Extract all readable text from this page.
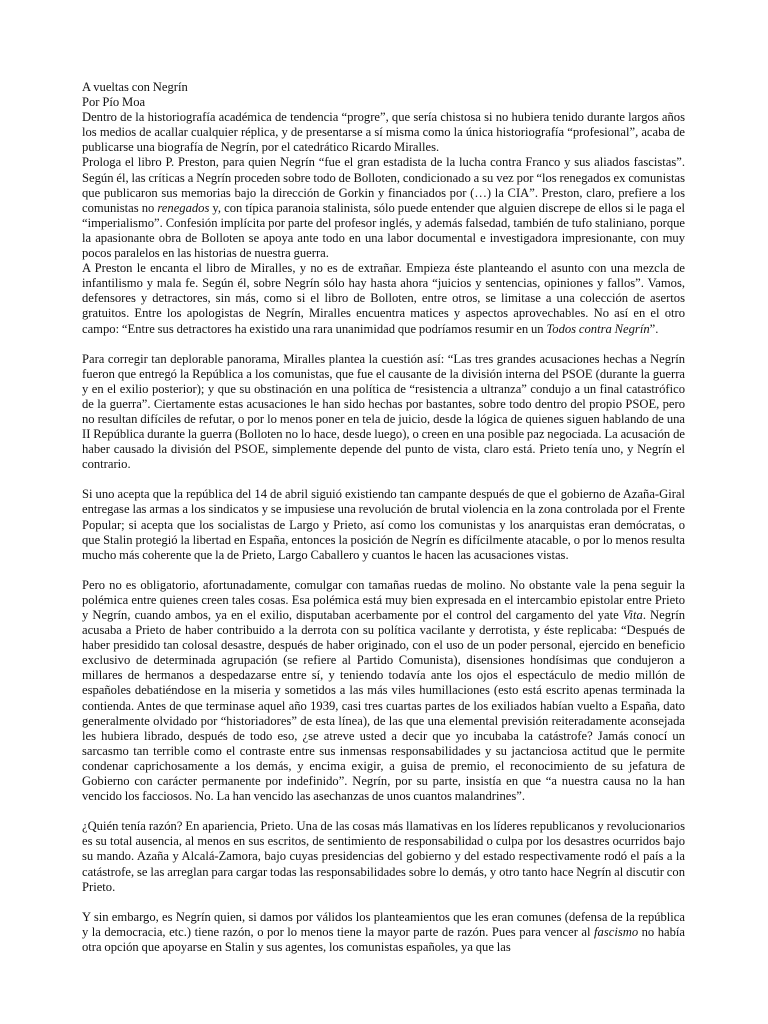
A vueltas con Negrín

Por Pío Moa

Dentro de la historiografía académica de tendencia “progre”, que sería chistosa si no hubiera tenido durante largos años los medios de acallar cualquier réplica, y de presentarse a sí misma como la única historiografía “profesional”, acaba de publicarse una biografía de Negrín, por el catedrático Ricardo Miralles.

Prologa el libro P. Preston, para quien Negrín “fue el gran estadista de la lucha contra Franco y sus aliados fascistas”. Según él, las críticas a Negrín proceden sobre todo de Bolloten, condicionado a su vez por “los renegados ex comunistas que publicaron sus memorias bajo la dirección de Gorkin y financiados por (…) la CIA”. Preston, claro, prefiere a los comunistas no renegados y, con típica paranoia stalinista, sólo puede entender que alguien discrepe de ellos si le paga el “imperialismo”. Confesión implícita por parte del profesor inglés, y además falsedad, también de tufo staliniano, porque la apasionante obra de Bolloten se apoya ante todo en una labor documental e investigadora impresionante, con muy pocos paralelos en las historias de nuestra guerra.

A Preston le encanta el libro de Miralles, y no es de extrañar. Empieza éste planteando el asunto con una mezcla de infantilismo y mala fe. Según él, sobre Negrín sólo hay hasta ahora “juicios y sentencias, opiniones y fallos”. Vamos, defensores y detractores, sin más, como si el libro de Bolloten, entre otros, se limitase a una colección de asertos gratuitos. Entre los apologistas de Negrín, Miralles encuentra matices y aspectos aprovechables. No así en el otro campo: “Entre sus detractores ha existido una rara unanimidad que podríamos resumir en un Todos contra Negrín”.

Para corregir tan deplorable panorama, Miralles plantea la cuestión así: “Las tres grandes acusaciones hechas a Negrín fueron que entregó la República a los comunistas, que fue el causante de la división interna del PSOE (durante la guerra y en el exilio posterior); y que su obstinación en una política de “resistencia a ultranza” condujo a un final catastrófico de la guerra”. Ciertamente estas acusaciones le han sido hechas por bastantes, sobre todo dentro del propio PSOE, pero no resultan difíciles de refutar, o por lo menos poner en tela de juicio, desde la lógica de quienes siguen hablando de una II República durante la guerra (Bolloten no lo hace, desde luego), o creen en una posible paz negociada. La acusación de haber causado la división del PSOE, simplemente depende del punto de vista, claro está. Prieto tenía uno, y Negrín el contrario.

Si uno acepta que la república del 14 de abril siguió existiendo tan campante después de que el gobierno de Azaña-Giral entregase las armas a los sindicatos y se impusiese una revolución de brutal violencia en la zona controlada por el Frente Popular; si acepta que los socialistas de Largo y Prieto, así como los comunistas y los anarquistas eran demócratas, o que Stalin protegió la libertad en España, entonces la posición de Negrín es difícilmente atacable, o por lo menos resulta mucho más coherente que la de Prieto, Largo Caballero y cuantos le hacen las acusaciones vistas.

Pero no es obligatorio, afortunadamente, comulgar con tamañas ruedas de molino. No obstante vale la pena seguir la polémica entre quienes creen tales cosas. Esa polémica está muy bien expresada en el intercambio epistolar entre Prieto y Negrín, cuando ambos, ya en el exilio, disputaban acerbamente por el control del cargamento del yate Vita. Negrín acusaba a Prieto de haber contribuido a la derrota con su política vacilante y derrotista, y éste replicaba: “Después de haber presidido tan colosal desastre, después de haber originado, con el uso de un poder personal, ejercido en beneficio exclusivo de determinada agrupación (se refiere al Partido Comunista), disensiones hondísimas que condujeron a millares de hermanos a despedazarse entre sí, y teniendo todavía ante los ojos el espectáculo de medio millón de españoles debatiéndose en la miseria y sometidos a las más viles humillaciones (esto está escrito apenas terminada la contienda. Antes de que terminase aquel año 1939, casi tres cuartas partes de los exiliados habían vuelto a España, dato generalmente olvidado por “historiadores” de esta línea), de las que una elemental previsión reiteradamente aconsejada les hubiera librado, después de todo eso, ¿se atreve usted a decir que yo incubaba la catástrofe? Jamás conocí un sarcasmo tan terrible como el contraste entre sus inmensas responsabilidades y su jactanciosa actitud que le permite condenar caprichosamente a los demás, y encima exigir, a guisa de premio, el reconocimiento de su jefatura de Gobierno con carácter permanente por indefinido”. Negrín, por su parte, insistía en que “a nuestra causa no la han vencido los facciosos. No. La han vencido las asechanzas de unos cuantos malandrines”.

¿Quién tenía razón? En apariencia, Prieto. Una de las cosas más llamativas en los líderes republicanos y revolucionarios es su total ausencia, al menos en sus escritos, de sentimiento de responsabilidad o culpa por los desastres ocurridos bajo su mando. Azaña y Alcalá-Zamora, bajo cuyas presidencias del gobierno y del estado respectivamente rodó el país a la catástrofe, se las arreglan para cargar todas las responsabilidades sobre lo demás, y otro tanto hace Negrín al discutir con Prieto.

Y sin embargo, es Negrín quien, si damos por válidos los planteamientos que les eran comunes (defensa de la república y la democracia, etc.) tiene razón, o por lo menos tiene la mayor parte de razón. Pues para vencer al fascismo no había otra opción que apoyarse en Stalin y sus agentes, los comunistas españoles, ya que las
